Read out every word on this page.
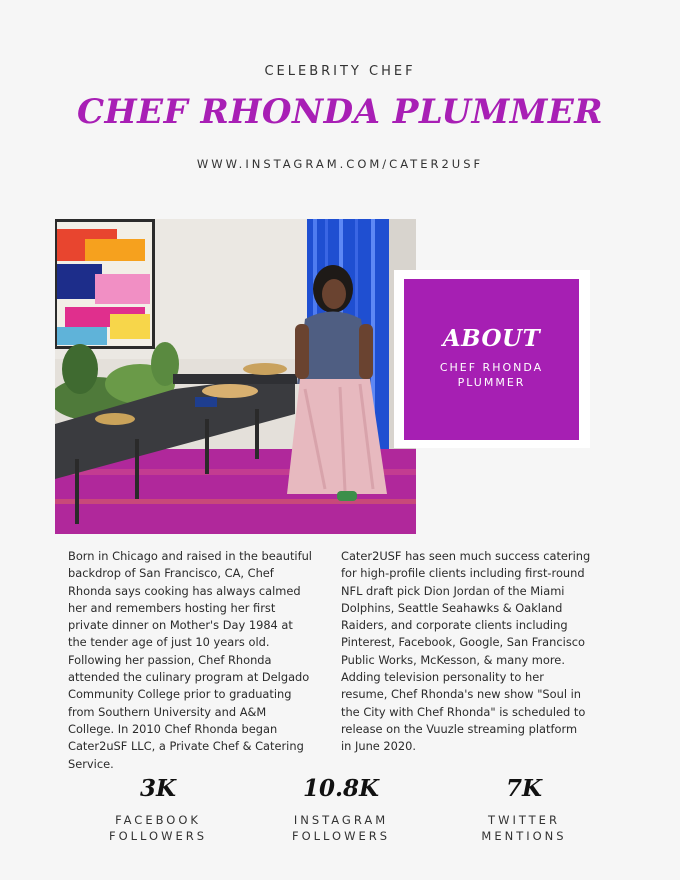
CELEBRITY CHEF
CHEF RHONDA PLUMMER
WWW.INSTAGRAM.COM/CATER2USF
ABOUT
CHEF RHONDA
PLUMMER
Born in Chicago and raised in the beautiful backdrop of San Francisco, CA, Chef Rhonda says cooking has always calmed her and remembers hosting her first private dinner on Mother's Day 1984 at the tender age of just 10 years old. Following her passion, Chef Rhonda attended the culinary program at Delgado Community College prior to graduating from Southern University and A&M College. In 2010 Chef Rhonda began Cater2uSF LLC, a Private Chef & Catering Service.
Cater2USF has seen much success catering for high-profile clients including first-round NFL draft pick Dion Jordan of the Miami Dolphins, Seattle Seahawks & Oakland Raiders, and corporate clients including Pinterest, Facebook, Google, San Francisco Public Works, McKesson, & many more. Adding television personality to her resume, Chef Rhonda's new show "Soul in the City with Chef Rhonda" is scheduled to release on the Vuuzle streaming platform in June 2020.
3K
FACEBOOK
FOLLOWERS
10.8K
INSTAGRAM
FOLLOWERS
7K
TWITTER
MENTIONS
